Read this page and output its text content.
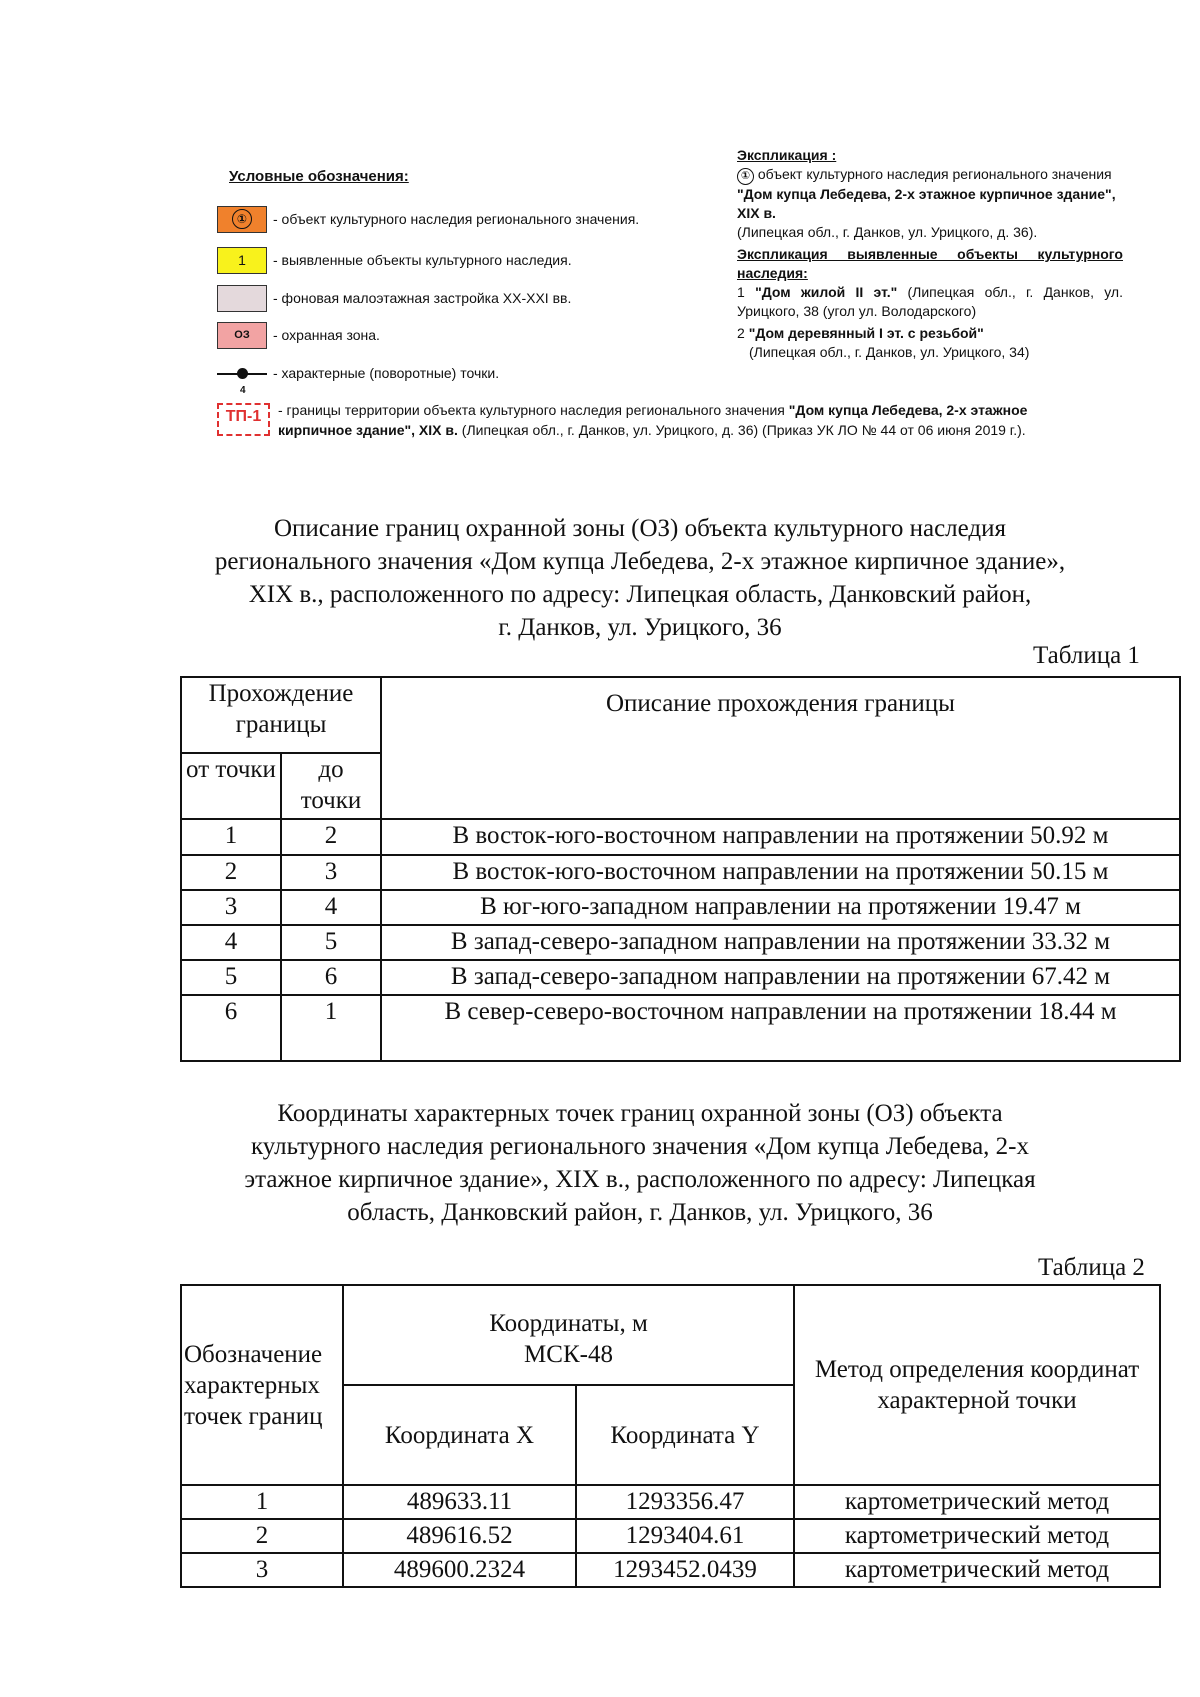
Условные обозначения:
①	- объект культурного наследия регионального значения.
1 - выявленные объекты культурного наследия.
- фоновая малоэтажная застройка XX-XXI вв.
ОЗ - охранная зона.
- характерные (поворотные) точки.
4
ТП-1	- границы территории объекта культурного наследия регионального значения "Дом купца Лебедева, 2-х этажное кирпичное здание", XIX в. (Липецкая обл., г. Данков, ул. Урицкого, д. 36) (Приказ УК ЛО № 44 от 06 июня 2019 г.).
Экспликация :
① объект культурного наследия регионального значения "Дом купца Лебедева, 2-х этажное курпичное здание", XIX в.
(Липецкая обл., г. Данков, ул. Урицкого, д. 36).
Экспликация выявленные объекты культурного наследия:
1 "Дом жилой II эт." (Липецкая обл., г. Данков, ул. Урицкого, 38 (угол ул. Володарского)
2 "Дом деревянный I эт. с резьбой"
(Липецкая обл., г. Данков, ул. Урицкого, 34)
Описание границ охранной зоны (ОЗ) объекта культурного наследия
регионального значения «Дом купца Лебедева, 2-х этажное кирпичное здание»,
XIX в., расположенного по адресу: Липецкая область, Данковский район,
г. Данков, ул. Урицкого, 36
Таблица 1
Прохождение границы		Описание прохождения границы
от точки	до точки	
1	2	В восток-юго-восточном направлении на протяжении 50.92 м
2	3	В восток-юго-восточном направлении на протяжении 50.15 м
3	4	В юг-юго-западном направлении на протяжении 19.47 м
4	5	В запад-северо-западном направлении на протяжении 33.32 м
5	6	В запад-северо-западном направлении на протяжении 67.42 м
6	1	В север-северо-восточном направлении на протяжении 18.44 м
Координаты характерных точек границ охранной зоны (ОЗ) объекта
культурного наследия регионального значения «Дом купца Лебедева, 2-х
этажное кирпичное здание», XIX в., расположенного по адресу: Липецкая
область, Данковский район, г. Данков, ул. Урицкого, 36
Таблица 2
Обозначение характерных точек границ	Координаты, м МСК-48		Метод определения координат характерной точки
	Координата X	Координата Y	
1	489633.11	1293356.47	картометрический метод
2	489616.52	1293404.61	картометрический метод
3	489600.2324	1293452.0439	картометрический метод
